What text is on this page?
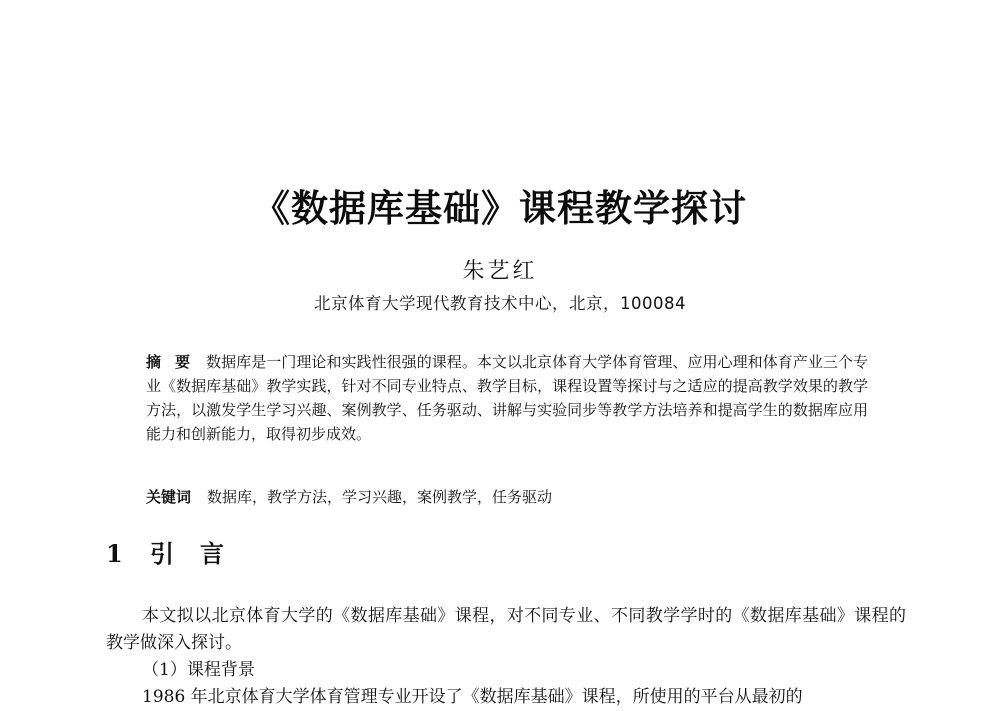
《数据库基础》课程教学探讨
朱艺红
北京体育大学现代教育技术中心，北京，100084
摘要 数据库是一门理论和实践性很强的课程。本文以北京体育大学体育管理、应用心理和体育产业三个专业《数据库基础》教学实践，针对不同专业特点、教学目标，课程设置等探讨与之适应的提高教学效果的教学方法，以激发学生学习兴趣、案例教学、任务驱动、讲解与实验同步等教学方法培养和提高学生的数据库应用能力和创新能力，取得初步成效。
关键词 数据库，教学方法，学习兴趣，案例教学，任务驱动
1 引言

本文拟以北京体育大学的《数据库基础》课程，对不同专业、不同教学学时的《数据库基础》课程的教学做深入探讨。

（1）课程背景

1986 年北京体育大学体育管理专业开设了《数据库基础》课程，所使用的平台从最初的
